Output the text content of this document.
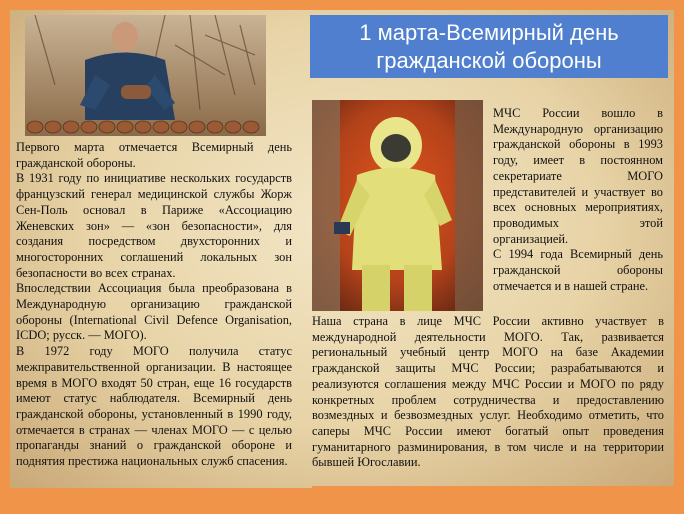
1 марта-Всемирный день
гражданской обороны

Первого марта отмечается Всемирный день гражданской обороны.

В 1931 году по инициативе нескольких государств французский генерал медицинской службы Жорж Сен-Поль основал в Париже «Ассоциацию Женевских зон» — «зон безопасности», для создания посредством двухсторонних и многосторонних соглашений локальных зон безопасности во всех странах.

Впоследствии Ассоциация была преобразована в Международную организацию гражданской обороны (International Civil Defence Organisation, ICDO; русск. — МОГО).

В 1972 году МОГО получила статус межправительственной организации. В настоящее время в МОГО входят 50 стран, еще 16 государств имеют статус наблюдателя. Всемирный день гражданской обороны, установленный в 1990 году, отмечается в странах — членах МОГО — с целью пропаганды знаний о гражданской обороне и поднятия престижа национальных служб спасения.

МЧС России вошло в Международную организацию гражданской обороны в 1993 году, имеет в постоянном секретариате МОГО представителей и участвует во всех основных мероприятиях, проводимых этой организацией.

С 1994 года Всемирный день гражданской обороны отмечается и в нашей стране.

Наша страна в лице МЧС России активно участвует в международной деятельности МОГО. Так, развивается региональный учебный центр МОГО на базе Академии гражданской защиты МЧС России; разрабатываются и реализуются соглашения между МЧС России и МОГО по ряду конкретных проблем сотрудничества и предоставлению возмездных и безвозмездных услуг. Необходимо отметить, что саперы МЧС России имеют богатый опыт проведения гуманитарного разминирования, в том числе и на территории бывшей Югославии.
